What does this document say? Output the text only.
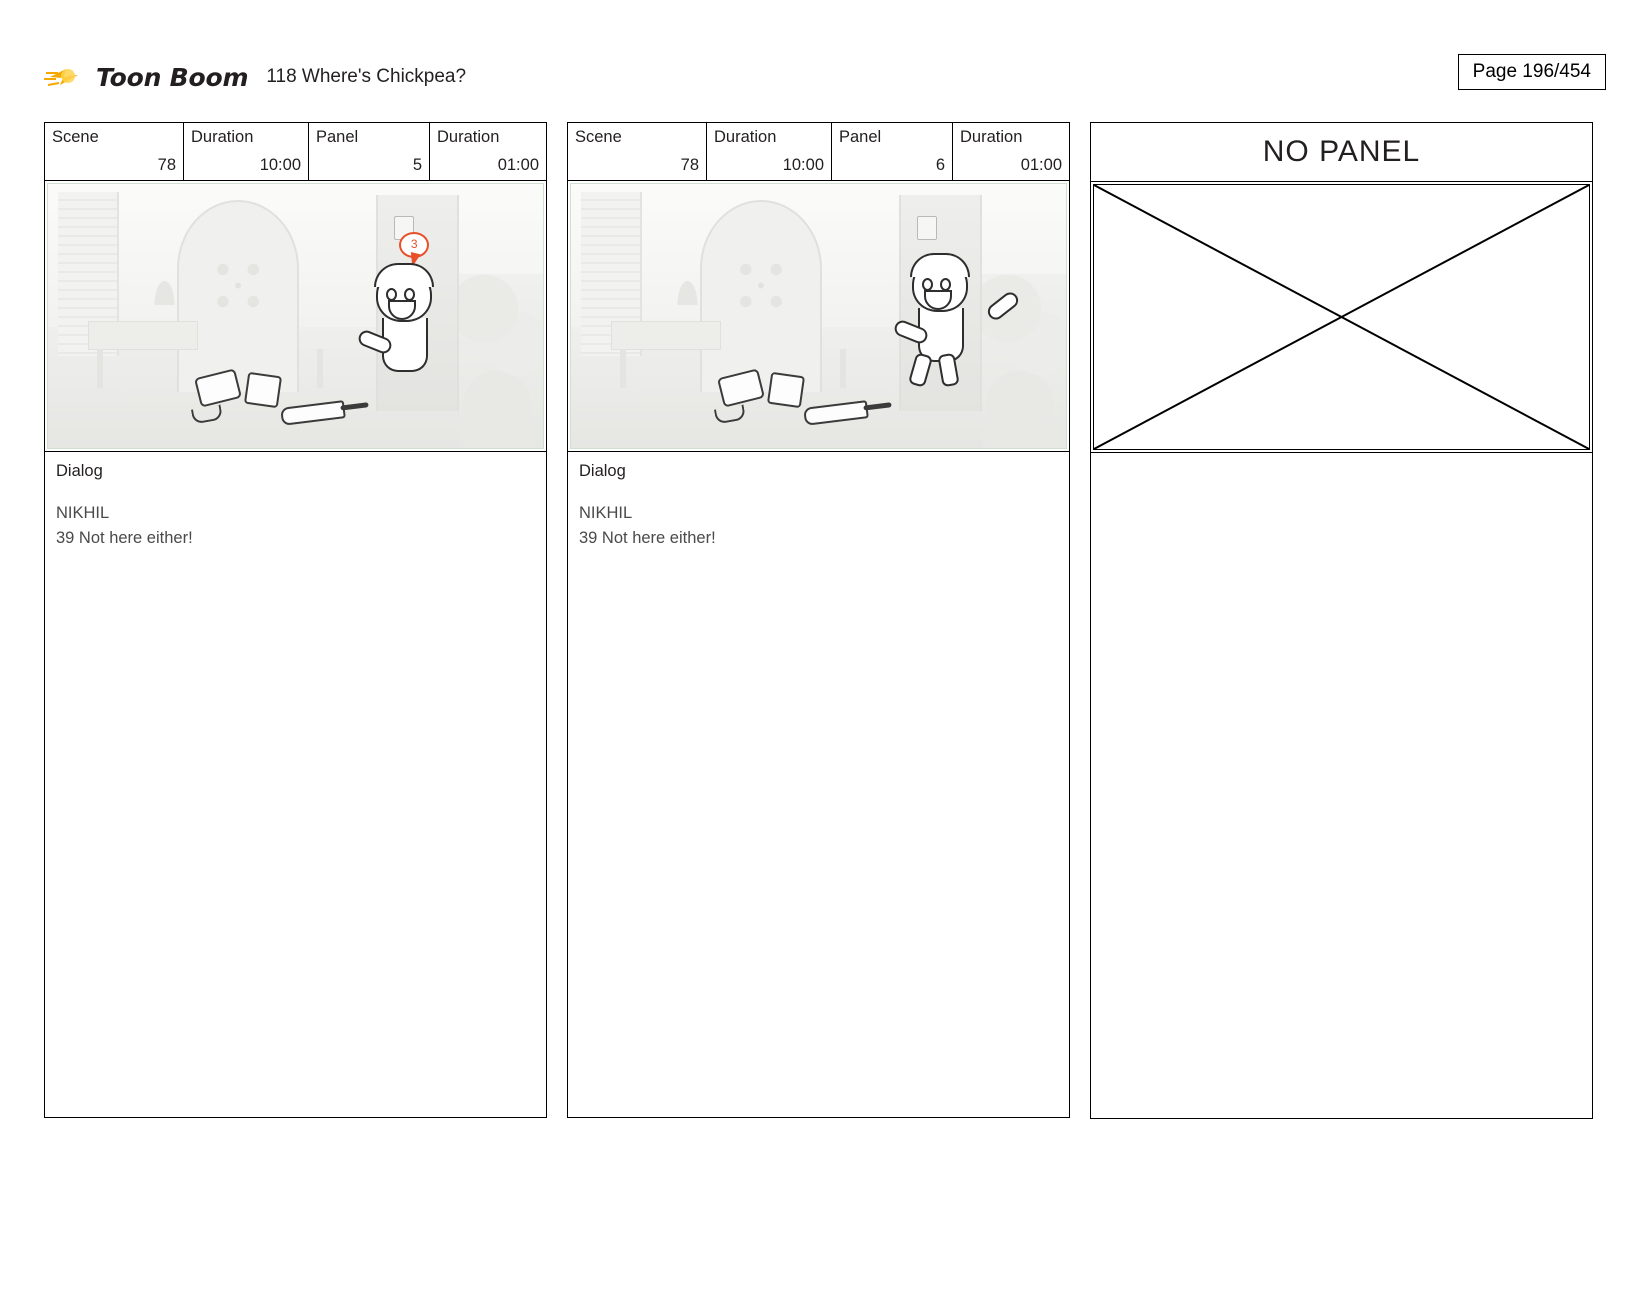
Toon Boom 118 Where's Chickpea?	Page 196/454
Scene
78
Duration
10:00
Panel
5
Duration
01:00
3
Dialog
NIKHIL
39 Not here either!
Scene
78
Duration
10:00
Panel
6
Duration
01:00
Dialog
NIKHIL
39 Not here either!
NO PANEL
